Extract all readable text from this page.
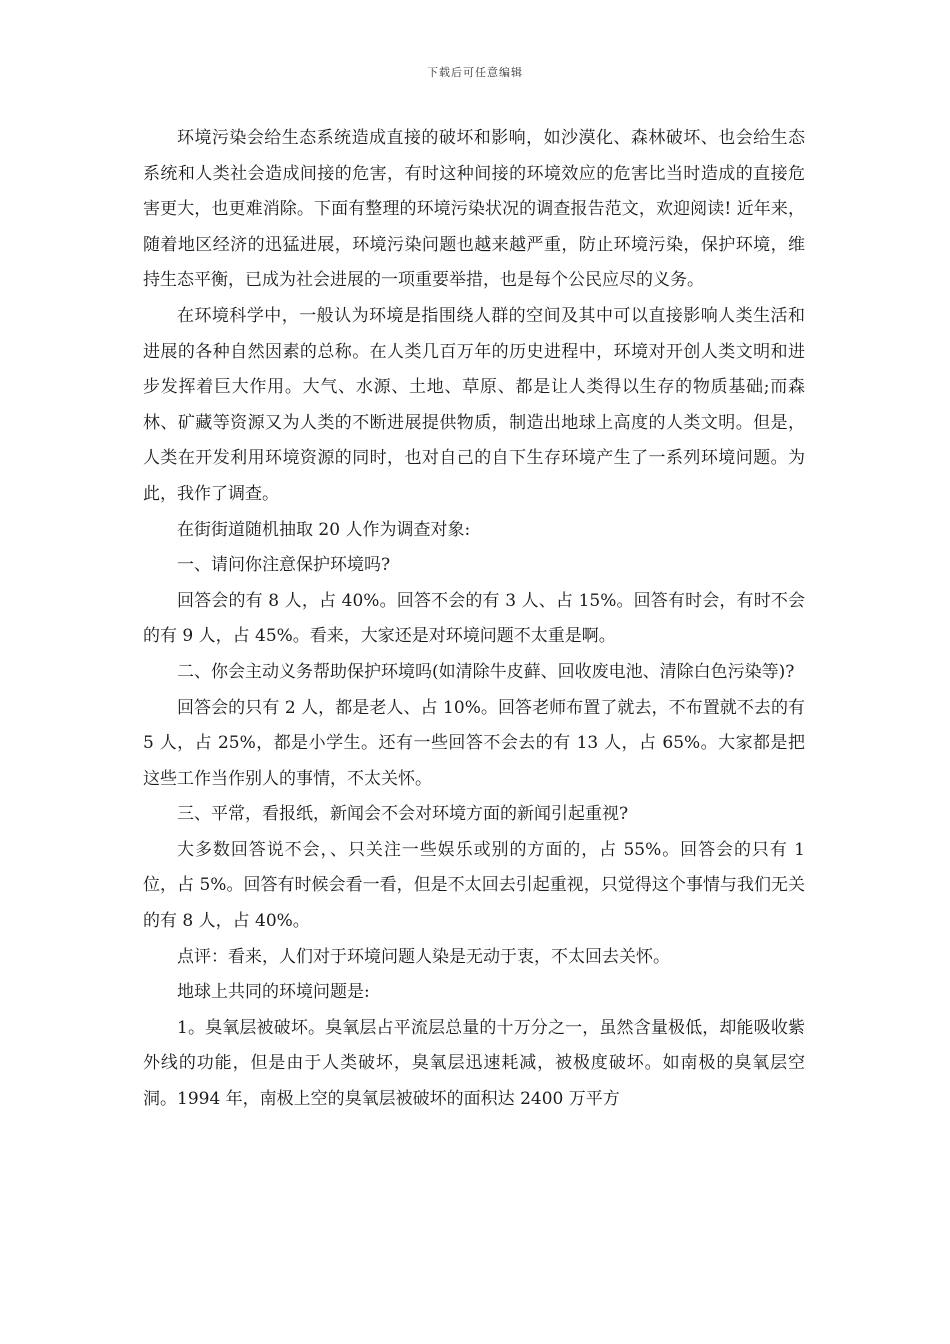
下载后可任意编辑

环境污染会给生态系统造成直接的破坏和影响，如沙漠化、森林破坏、也会给生态系统和人类社会造成间接的危害，有时这种间接的环境效应的危害比当时造成的直接危害更大，也更难消除。下面有整理的环境污染状况的调查报告范文，欢迎阅读! 近年来，随着地区经济的迅猛进展，环境污染问题也越来越严重，防止环境污染，保护环境，维持生态平衡，已成为社会进展的一项重要举措，也是每个公民应尽的义务。

在环境科学中，一般认为环境是指围绕人群的空间及其中可以直接影响人类生活和进展的各种自然因素的总称。在人类几百万年的历史进程中，环境对开创人类文明和进步发挥着巨大作用。大气、水源、土地、草原、都是让人类得以生存的物质基础;而森林、矿藏等资源又为人类的不断进展提供物质，制造出地球上高度的人类文明。但是，人类在开发利用环境资源的同时，也对自己的自下生存环境产生了一系列环境问题。为此，我作了调查。

在街街道随机抽取 20 人作为调查对象:

一、请问你注意保护环境吗?

回答会的有 8 人，占 40%。回答不会的有 3 人、占 15%。回答有时会，有时不会的有 9 人，占 45%。看来，大家还是对环境问题不太重是啊。

二、你会主动义务帮助保护环境吗(如清除牛皮藓、回收废电池、清除白色污染等)?

回答会的只有 2 人，都是老人、占 10%。回答老师布置了就去，不布置就不去的有 5 人，占 25%，都是小学生。还有一些回答不会去的有 13 人，占 65%。大家都是把这些工作当作别人的事情，不太关怀。

三、平常，看报纸，新闻会不会对环境方面的新闻引起重视?

大多数回答说不会，、只关注一些娱乐或别的方面的，占 55%。回答会的只有 1 位，占 5%。回答有时候会看一看，但是不太回去引起重视，只觉得这个事情与我们无关的有 8 人，占 40%。

点评：看来，人们对于环境问题人染是无动于衷，不太回去关怀。

地球上共同的环境问题是:

1。臭氧层被破坏。臭氧层占平流层总量的十万分之一，虽然含量极低，却能吸收紫外线的功能，但是由于人类破坏，臭氧层迅速耗减，被极度破坏。如南极的臭氧层空洞。1994 年，南极上空的臭氧层被破坏的面积达 2400 万平方
